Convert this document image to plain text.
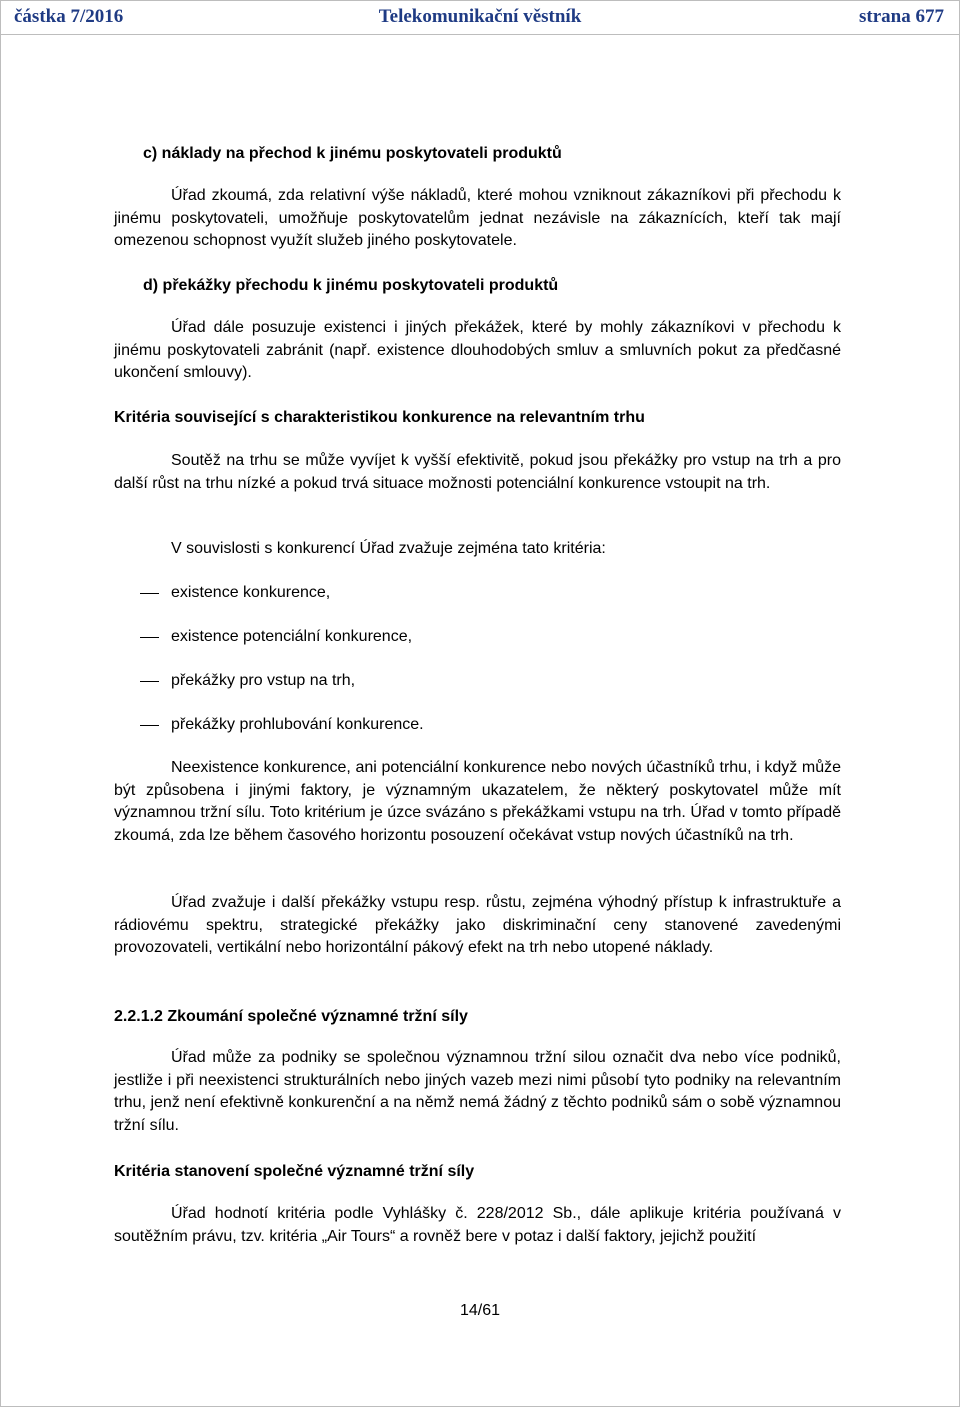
částka 7/2016	Telekomunikační věstník	strana 677
c) náklady na přechod k jinému poskytovateli produktů
Úřad zkoumá, zda relativní výše nákladů, které mohou vzniknout zákazníkovi při přechodu k jinému poskytovateli, umožňuje poskytovatelům jednat nezávisle na zákaznících, kteří tak mají omezenou schopnost využít služeb jiného poskytovatele.
d) překážky přechodu k jinému poskytovateli produktů
Úřad dále posuzuje existenci i jiných překážek, které by mohly zákazníkovi v přechodu k jinému poskytovateli zabránit (např. existence dlouhodobých smluv a smluvních pokut za předčasné ukončení smlouvy).
Kritéria související s charakteristikou konkurence na relevantním trhu
Soutěž na trhu se může vyvíjet k vyšší efektivitě, pokud jsou překážky pro vstup na trh a pro další růst na trhu nízké a pokud trvá situace možnosti potenciální konkurence vstoupit na trh.
V souvislosti s konkurencí Úřad zvažuje zejména tato kritéria:
existence konkurence,
existence potenciální konkurence,
překážky pro vstup na trh,
překážky prohlubování konkurence.
Neexistence konkurence, ani potenciální konkurence nebo nových účastníků trhu, i když může být způsobena i jinými faktory, je významným ukazatelem, že některý poskytovatel může mít významnou tržní sílu. Toto kritérium je úzce svázáno s překážkami vstupu na trh. Úřad v tomto případě zkoumá, zda lze během časového horizontu posouzení očekávat vstup nových účastníků na trh.
Úřad zvažuje i další překážky vstupu resp. růstu, zejména výhodný přístup k infrastruktuře a rádiovému spektru, strategické překážky jako diskriminační ceny stanovené zavedenými provozovateli, vertikální nebo horizontální pákový efekt na trh nebo utopené náklady.
2.2.1.2 Zkoumání společné významné tržní síly
Úřad může za podniky se společnou významnou tržní silou označit dva nebo více podniků, jestliže i při neexistenci strukturálních nebo jiných vazeb mezi nimi působí tyto podniky na relevantním trhu, jenž není efektivně konkurenční a na němž nemá žádný z těchto podniků sám o sobě významnou tržní sílu.
Kritéria stanovení společné významné tržní síly
Úřad hodnotí kritéria podle Vyhlášky č. 228/2012 Sb., dále aplikuje kritéria používaná v soutěžním právu, tzv. kritéria „Air Tours“ a rovněž bere v potaz i další faktory, jejichž použití
14/61
